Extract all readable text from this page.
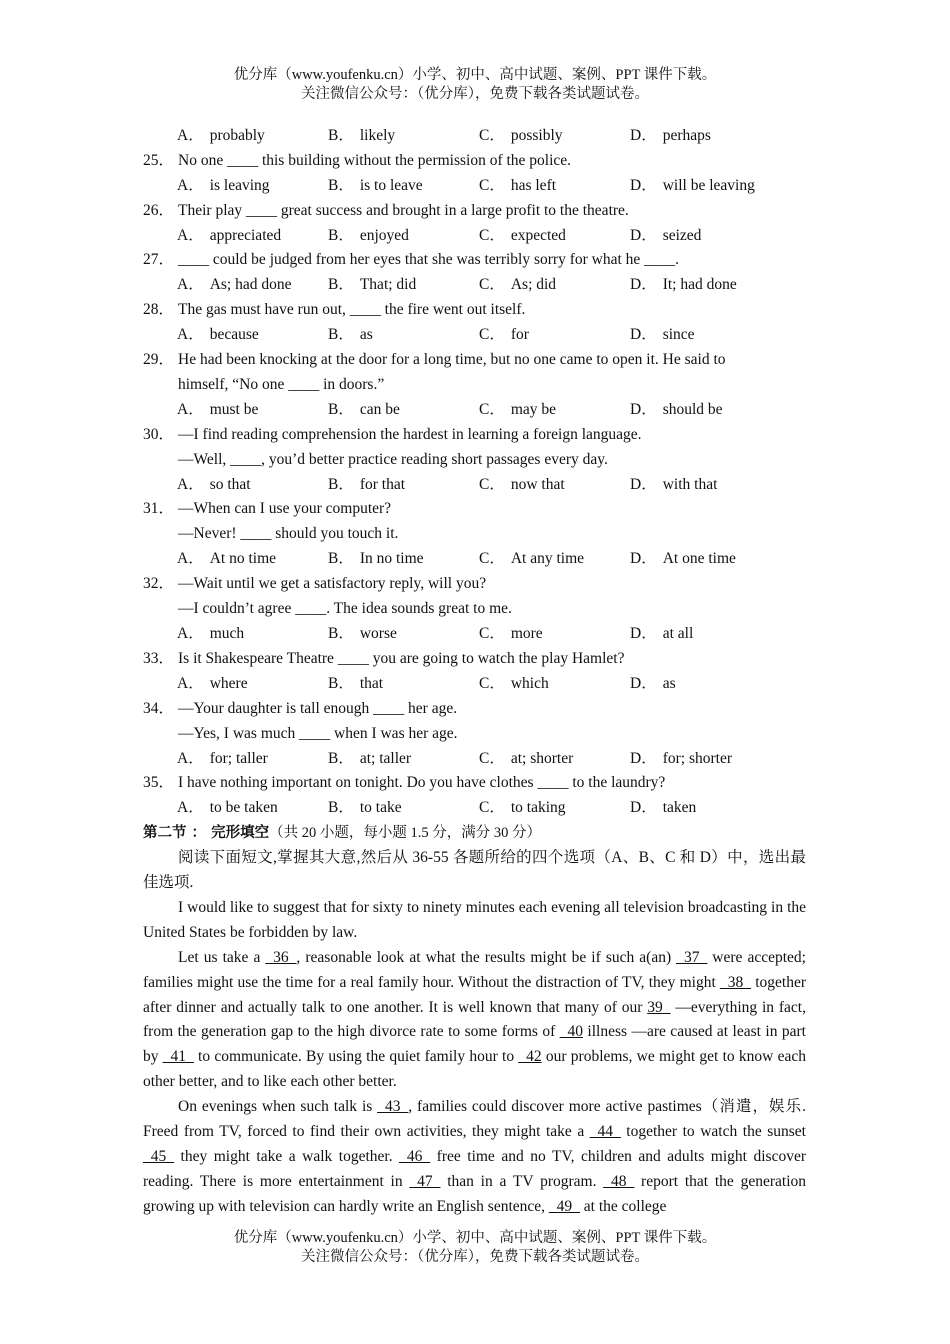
优分库（www.youfenku.cn）小学、初中、高中试题、案例、PPT 课件下载。
关注微信公众号：（优分库），免费下载各类试题试卷。
A． probably	B． likely	C． possibly	D． perhaps
25． No one ____ this building without the permission of the police.
A． is leaving	B． is to leave	C． has left	D． will be leaving
26． Their play ____ great success and brought in a large profit to the theatre.
A． appreciated	B． enjoyed	C． expected	D． seized
27． ____ could be judged from her eyes that she was terribly sorry for what he ____.
A． As; had done B． That; did	C． As; did	D． It; had done
28． The gas must have run out, ____ the fire went out itself.
A． because	B． as	C． for	D． since
29． He had been knocking at the door for a long time, but no one came to open it. He said to
himself, “No one ____ in doors.”
A． must be	B． can be	C． may be	D． should be
30． —I find reading comprehension the hardest in learning a foreign language.
—Well, ____, you’d better practice reading short passages every day.
A． so that	B． for that	C． now that	D． with that
31． —When can I use your computer?
—Never! ____ should you touch it.
A． At no time	B． In no time	C． At any time	D． At one time
32． —Wait until we get a satisfactory reply, will you?
—I couldn’t agree ____. The idea sounds great to me.
A． much	B． worse	C． more	D． at all
33． Is it Shakespeare Theatre ____ you are going to watch the play Hamlet?
A． where	B． that	C． which	D． as
34． —Your daughter is tall enough ____ her age.
—Yes, I was much ____ when I was her age.
A． for; taller	B． at; taller	C． at; shorter	D． for; shorter
35． I have nothing important on tonight. Do you have clothes ____ to the laundry?
A． to be taken	B． to take	C． to taking	D． taken
第二节 ： 完形填空（共 20 小题，每小题 1.5 分，满分 30 分）
阅读下面短文,掌握其大意,然后从 36-55 各题所给的四个选项（A、B、C 和 D）中，选出最佳选项.
I would like to suggest that for sixty to ninety minutes each evening all television broadcasting in the United States be forbidden by law.
Let us take a _36_, reasonable look at what the results might be if such a(an) _37_ were accepted; families might use the time for a real family hour. Without the distraction of TV, they might _38_ together after dinner and actually talk to one another. It is well known that many of our 39_ —everything in fact, from the generation gap to the high divorce rate to some forms of _40 illness —are caused at least in part by _41_ to communicate. By using the quiet family hour to _42 our problems, we might get to know each other better, and to like each other better.
On evenings when such talk is _43_, families could discover more active pastimes（消遣，娱乐. Freed from TV, forced to find their own activities, they might take a _44_ together to watch the sunset _45_ they might take a walk together. _46_ free time and no TV, children and adults might discover reading. There is more entertainment in _47_ than in a TV program. _48_ report that the generation growing up with television can hardly write an English sentence, _49_ at the college
优分库（www.youfenku.cn）小学、初中、高中试题、案例、PPT 课件下载。
关注微信公众号：（优分库），免费下载各类试题试卷。
